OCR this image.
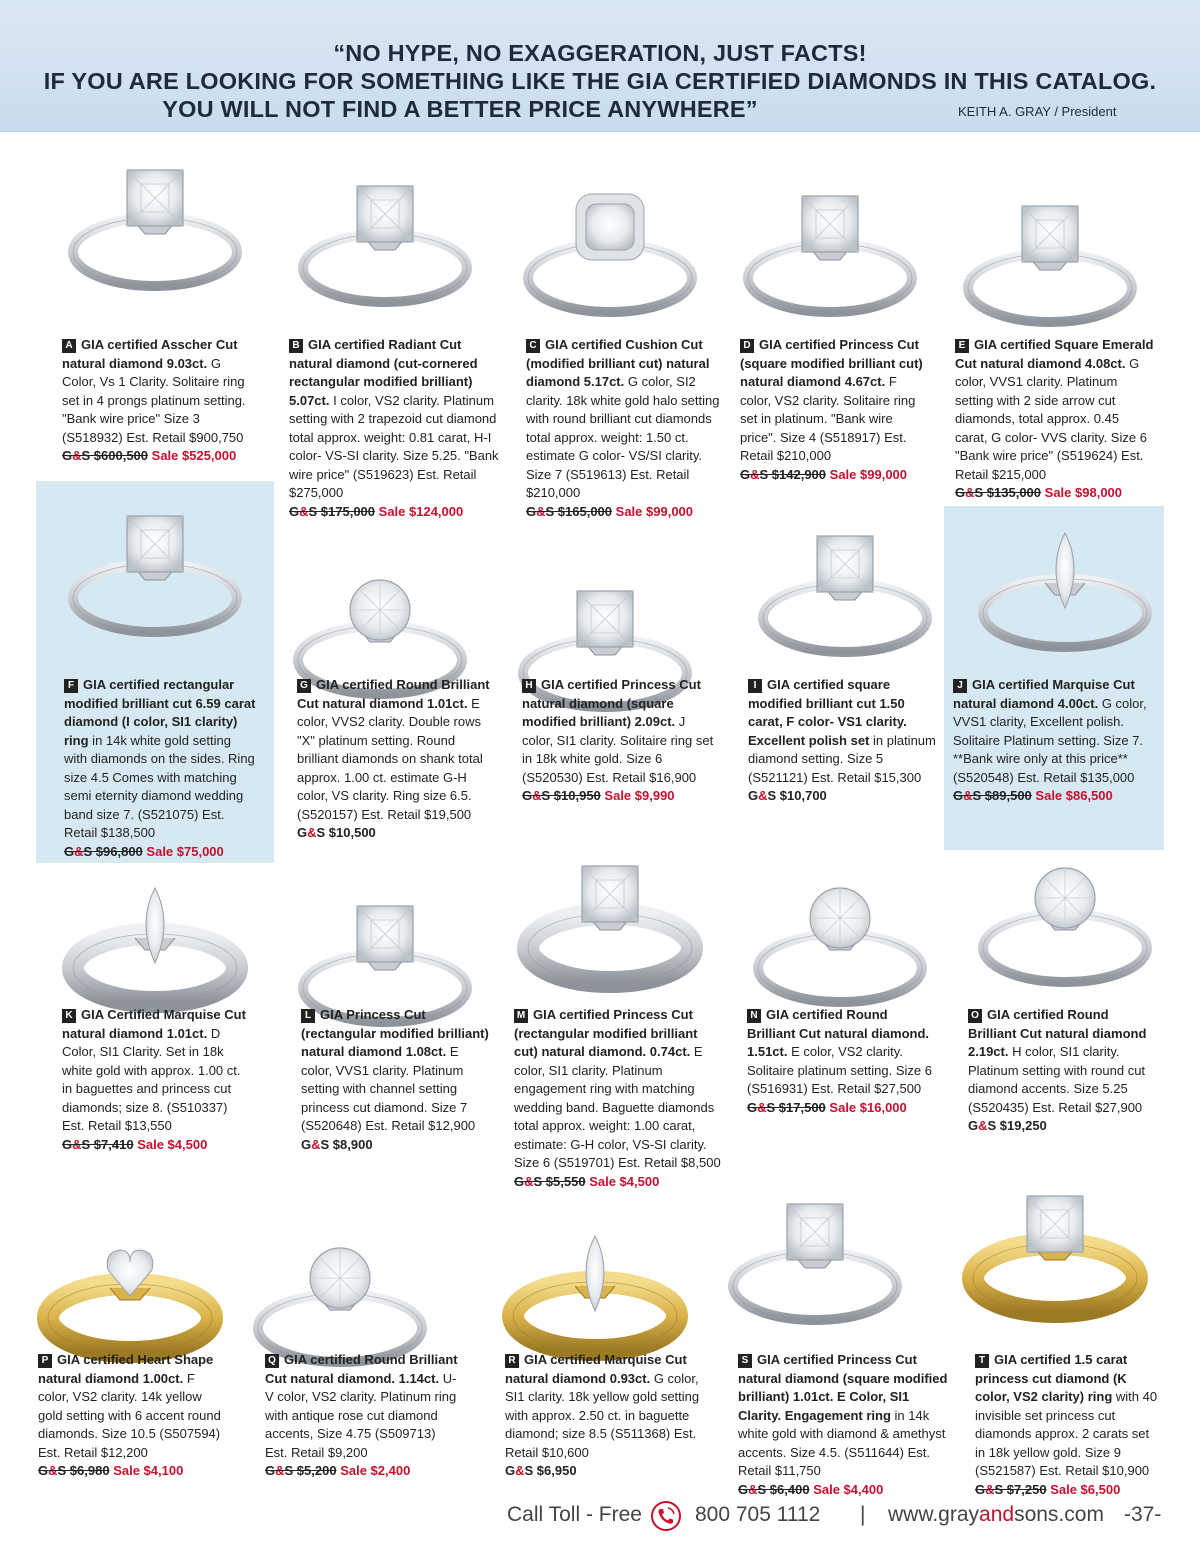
“NO HYPE, NO EXAGGERATION, JUST FACTS!
IF YOU ARE LOOKING FOR SOMETHING LIKE THE GIA CERTIFIED DIAMONDS IN THIS CATALOG.
YOU WILL NOT FIND A BETTER PRICE ANYWHERE”	KEITH A. GRAY / President
A GIA certified Asscher Cut natural diamond 9.03ct. G Color, Vs 1 Clarity. Solitaire ring set in 4 prongs platinum setting. "Bank wire price" Size 3 (S518932) Est. Retail $900,750
G&S $600,500 Sale $525,000
B GIA certified Radiant Cut natural diamond (cut-cornered rectangular modified brilliant) 5.07ct. I color, VS2 clarity. Platinum setting with 2 trapezoid cut diamond total approx. weight: 0.81 carat, H-I color- VS-SI clarity. Size 5.25. "Bank wire price" (S519623) Est. Retail $275,000
G&S $175,000 Sale $124,000
C GIA certified Cushion Cut (modified brilliant cut) natural diamond 5.17ct. G color, SI2 clarity. 18k white gold halo setting with round brilliant cut diamonds total approx. weight: 1.50 ct. estimate G color- VS/SI clarity. Size 7 (S519613) Est. Retail $210,000
G&S $165,000 Sale $99,000
D GIA certified Princess Cut (square modified brilliant cut) natural diamond 4.67ct. F color, VS2 clarity. Solitaire ring set in platinum. "Bank wire price". Size 4 (S518917) Est. Retail $210,000
G&S $142,900 Sale $99,000
E GIA certified Square Emerald Cut natural diamond 4.08ct. G color, VVS1 clarity. Platinum setting with 2 side arrow cut diamonds, total approx. 0.45 carat, G color- VVS clarity. Size 6 "Bank wire price" (S519624) Est. Retail $215,000
G&S $135,000 Sale $98,000
F GIA certified rectangular modified brilliant cut 6.59 carat diamond (I color, SI1 clarity) ring in 14k white gold setting with diamonds on the sides. Ring size 4.5 Comes with matching semi eternity diamond wedding band size 7. (S521075) Est. Retail $138,500
G&S $96,800 Sale $75,000
G GIA certified Round Brilliant Cut natural diamond 1.01ct. E color, VVS2 clarity. Double rows "X" platinum setting. Round brilliant diamonds on shank total approx. 1.00 ct. estimate G-H color, VS clarity. Ring size 6.5. (S520157) Est. Retail $19,500
G&S $10,500
H GIA certified Princess Cut natural diamond (square modified brilliant) 2.09ct. J color, SI1 clarity. Solitaire ring set in 18k white gold. Size 6 (S520530) Est. Retail $16,900
G&S $10,950 Sale $9,990
I GIA certified square modified brilliant cut 1.50 carat, F color- VS1 clarity. Excellent polish set in platinum diamond setting. Size 5 (S521121) Est. Retail $15,300
G&S $10,700
J GIA certified Marquise Cut natural diamond 4.00ct. G color, VVS1 clarity, Excellent polish. Solitaire Platinum setting. Size 7. **Bank wire only at this price** (S520548) Est. Retail $135,000
G&S $89,500 Sale $86,500
K GIA Certified Marquise Cut natural diamond 1.01ct. D Color, SI1 Clarity. Set in 18k white gold with approx. 1.00 ct. in baguettes and princess cut diamonds; size 8. (S510337) Est. Retail $13,550
G&S $7,410 Sale $4,500
L GIA Princess Cut (rectangular modified brilliant) natural diamond 1.08ct. E color, VVS1 clarity. Platinum setting with channel setting princess cut diamond. Size 7 (S520648) Est. Retail $12,900
G&S $8,900
M GIA certified Princess Cut (rectangular modified brilliant cut) natural diamond. 0.74ct. E color, SI1 clarity. Platinum engagement ring with matching wedding band. Baguette diamonds total approx. weight: 1.00 carat, estimate: G-H color, VS-SI clarity. Size 6 (S519701) Est. Retail $8,500
G&S $5,550 Sale $4,500
N GIA certified Round Brilliant Cut natural diamond. 1.51ct. E color, VS2 clarity. Solitaire platinum setting. Size 6 (S516931) Est. Retail $27,500
G&S $17,500 Sale $16,000
O GIA certified Round Brilliant Cut natural diamond 2.19ct. H color, SI1 clarity. Platinum setting with round cut diamond accents. Size 5.25 (S520435) Est. Retail $27,900
G&S $19,250
P GIA certified Heart Shape natural diamond 1.00ct. F color, VS2 clarity. 14k yellow gold setting with 6 accent round diamonds. Size 10.5 (S507594) Est. Retail $12,200
G&S $6,980 Sale $4,100
Q GIA certified Round Brilliant Cut natural diamond. 1.14ct. U-V color, VS2 clarity. Platinum ring with antique rose cut diamond accents, Size 4.75 (S509713) Est. Retail $9,200
G&S $5,200 Sale $2,400
R GIA certified Marquise Cut natural diamond 0.93ct. G color, SI1 clarity. 18k yellow gold setting with approx. 2.50 ct. in baguette diamond; size 8.5 (S511368) Est. Retail $10,600
G&S $6,950
S GIA certified Princess Cut natural diamond (square modified brilliant) 1.01ct. E Color, SI1 Clarity. Engagement ring in 14k white gold with diamond & amethyst accents. Size 4.5. (S511644) Est. Retail $11,750
G&S $6,400 Sale $4,400
T GIA certified 1.5 carat princess cut diamond (K color, VS2 clarity) ring with 40 invisible set princess cut diamonds approx. 2 carats set in 18k yellow gold. Size 9 (S521587) Est. Retail $10,900
G&S $7,250 Sale $6,500
Call Toll - Free	800 705 1112 | www.grayandsons.com -37-
